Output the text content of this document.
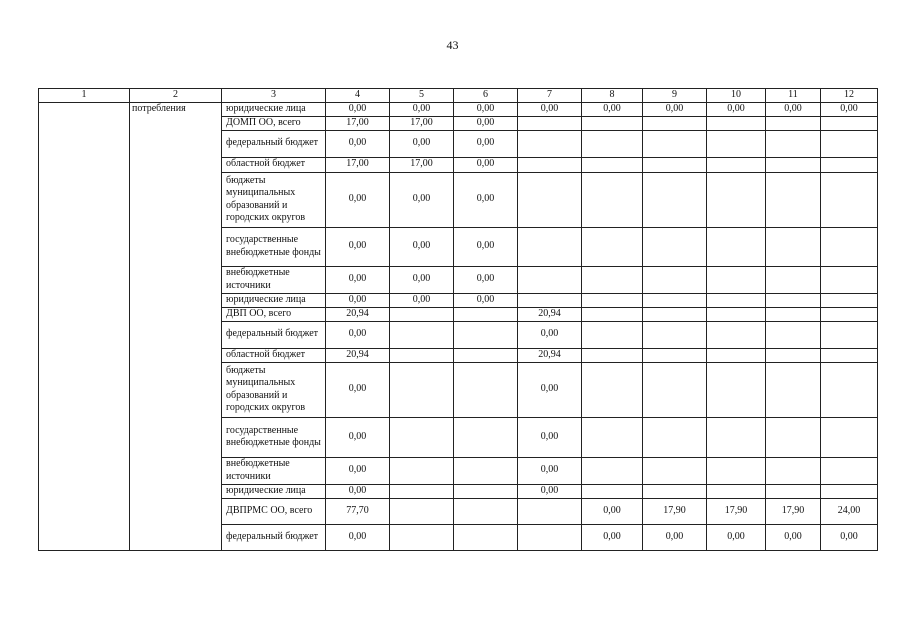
43
1	2	3	4	5	6	7	8	9	10	11	12
	потребления	юридические лица	0,00	0,00	0,00	0,00	0,00	0,00	0,00	0,00	0,00
		ДОМП ОО, всего	17,00	17,00	0,00						
		федеральный бюджет	0,00	0,00	0,00						
		областной бюджет	17,00	17,00	0,00						
		бюджеты муниципальных образований и городских округов	0,00	0,00	0,00						
		государственные внебюджетные фонды	0,00	0,00	0,00						
		внебюджетные источники	0,00	0,00	0,00						
		юридические лица	0,00	0,00	0,00						
		ДВП ОО, всего	20,94			20,94					
		федеральный бюджет	0,00			0,00					
		областной бюджет	20,94			20,94					
		бюджеты муниципальных образований и городских округов	0,00			0,00					
		государственные внебюджетные фонды	0,00			0,00					
		внебюджетные источники	0,00			0,00					
		юридические лица	0,00			0,00					
		ДВПРМС ОО, всего	77,70				0,00	17,90	17,90	17,90	24,00
		федеральный бюджет	0,00				0,00	0,00	0,00	0,00	0,00
